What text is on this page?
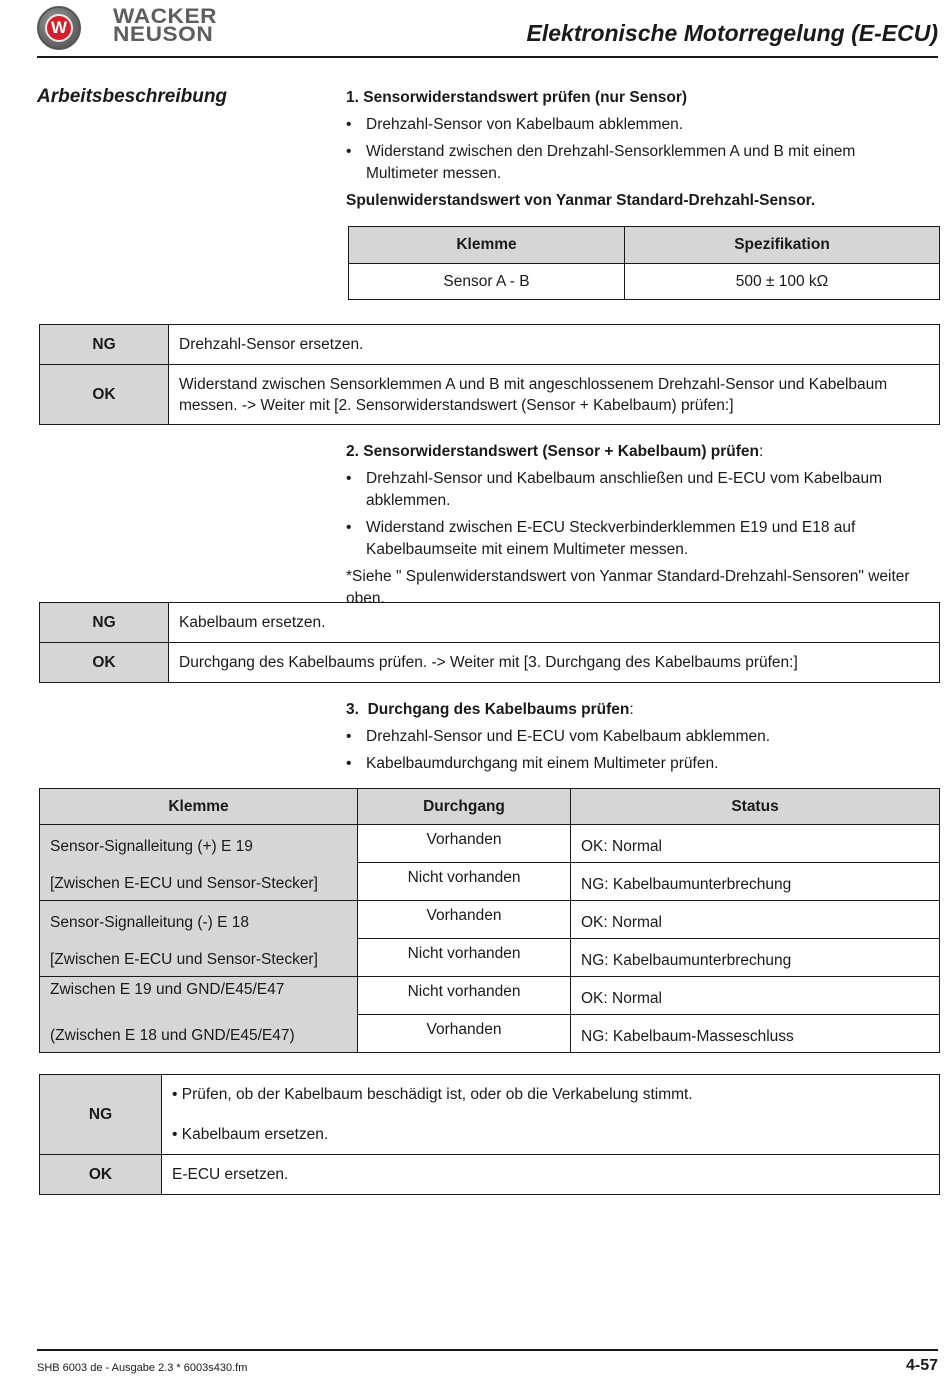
W WACKER
NEUSON	Elektronische Motorregelung (E-ECU)
Arbeitsbeschreibung	1. Sensorwiderstandswert prüfen (nur Sensor)
• Drehzahl-Sensor von Kabelbaum abklemmen.
• Widerstand zwischen den Drehzahl-Sensorklemmen A und B mit einem Multimeter messen.
Spulenwiderstandswert von Yanmar Standard-Drehzahl-Sensor.
Klemme	Spezifikation
Sensor A - B	500 ± 100 kΩ
NG	Drehzahl-Sensor ersetzen.
OK	Widerstand zwischen Sensorklemmen A und B mit angeschlossenem Drehzahl-Sensor und Kabelbaum messen. -> Weiter mit [2. Sensorwiderstandswert (Sensor + Kabelbaum) prüfen:]
2. Sensorwiderstandswert (Sensor + Kabelbaum) prüfen:
• Drehzahl-Sensor und Kabelbaum anschließen und E-ECU vom Kabelbaum abklemmen.
• Widerstand zwischen E-ECU Steckverbinderklemmen E19 und E18 auf Kabelbaumseite mit einem Multimeter messen.
*Siehe " Spulenwiderstandswert von Yanmar Standard-Drehzahl-Sensoren" weiter oben.
NG	Kabelbaum ersetzen.
OK	Durchgang des Kabelbaums prüfen. -> Weiter mit [3. Durchgang des Kabelbaums prüfen:]
3. Durchgang des Kabelbaums prüfen:
• Drehzahl-Sensor und E-ECU vom Kabelbaum abklemmen.
• Kabelbaumdurchgang mit einem Multimeter prüfen.
Klemme	Durchgang	Status
Sensor-Signalleitung (+) E 19	Vorhanden	OK: Normal
[Zwischen E-ECU und Sensor-Stecker]	Nicht vorhanden	NG: Kabelbaumunterbrechung
Sensor-Signalleitung (-) E 18	Vorhanden	OK: Normal
[Zwischen E-ECU und Sensor-Stecker]	Nicht vorhanden	NG: Kabelbaumunterbrechung
Zwischen E 19 und GND/E45/E47	Nicht vorhanden	OK: Normal
(Zwischen E 18 und GND/E45/E47)	Vorhanden	NG: Kabelbaum-Masseschluss
NG	• Prüfen, ob der Kabelbaum beschädigt ist, oder ob die Verkabelung stimmt.
• Kabelbaum ersetzen.

OK	E-ECU ersetzen.
SHB 6003 de - Ausgabe 2.3 * 6003s430.fm	4-57
